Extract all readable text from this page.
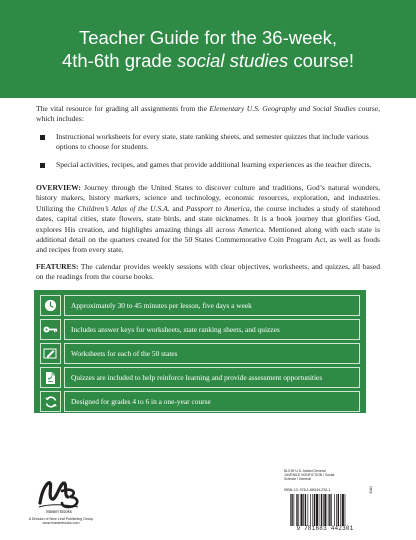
Teacher Guide for the 36-week,
4th-6th grade social studies course!
The vital resource for grading all assignments from the Elementary U.S. Geography and Social Studies course, which includes:
Instructional worksheets for every state, state ranking sheets, and semester quizzes that include various options to choose for students.
Special activities, recipes, and games that provide additional learning experiences as the teacher directs.
OVERVIEW: Journey through the United States to discover culture and traditions, God’s natural wonders, history makers, history markers, science and technology, economic resources, exploration, and industries. Utilizing the Children’s Atlas of the U.S.A. and Passport to America, the course includes a study of statehood dates, capital cities, state flowers, state birds, and state nicknames. It is a book journey that glorifies God, explores His creation, and highlights amazing things all across America. Mentioned along with each state is additional detail on the quarters created for the 50 States Commemorative Coin Program Act, as well as foods and recipes from every state.
FEATURES: The calendar provides weekly sessions with clear objectives, worksheets, and quizzes, all based on the readings from the course books.
Approximately 30 to 45 minutes per lesson, five days a week
Includes answer keys for worksheets, state ranking sheets, and quizzes
Worksheets for each of the 50 states
Quizzes are included to help reinforce learning and provide assessment opportunities
Designed for grades 4 to 6 in a one-year course
Master Books
A Division of New Leaf Publishing Group
www.masterbooks.com
$13.99 U.S. Added General
JUVENILE NONFICTION / Social
Science / General
ISBN-13: 978-1-68344-230-1	EAN
9 781683 442301
